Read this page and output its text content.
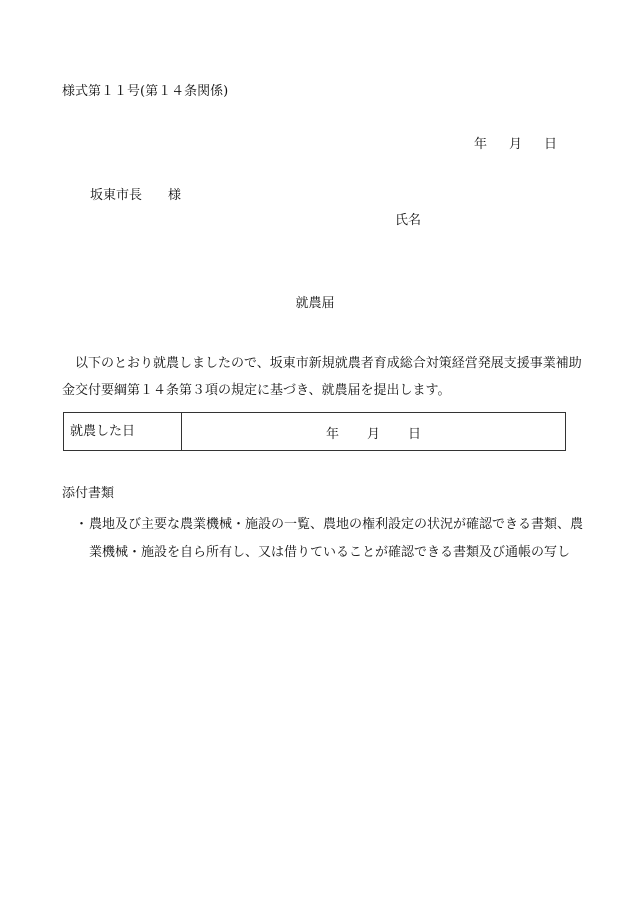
様式第１１号(第１４条関係)
年 月 日
坂東市長 様
氏名
就農届
以下のとおり就農しましたので、坂東市新規就農者育成総合対策経営発展支援事業補助金交付要綱第１４条第３項の規定に基づき、就農届を提出します。
就農した日	年 月 日
添付書類
・ 農地及び主要な農業機械・施設の一覧、農地の権利設定の状況が確認できる書類、農業機械・施設を自ら所有し、又は借りていることが確認できる書類及び通帳の写し
